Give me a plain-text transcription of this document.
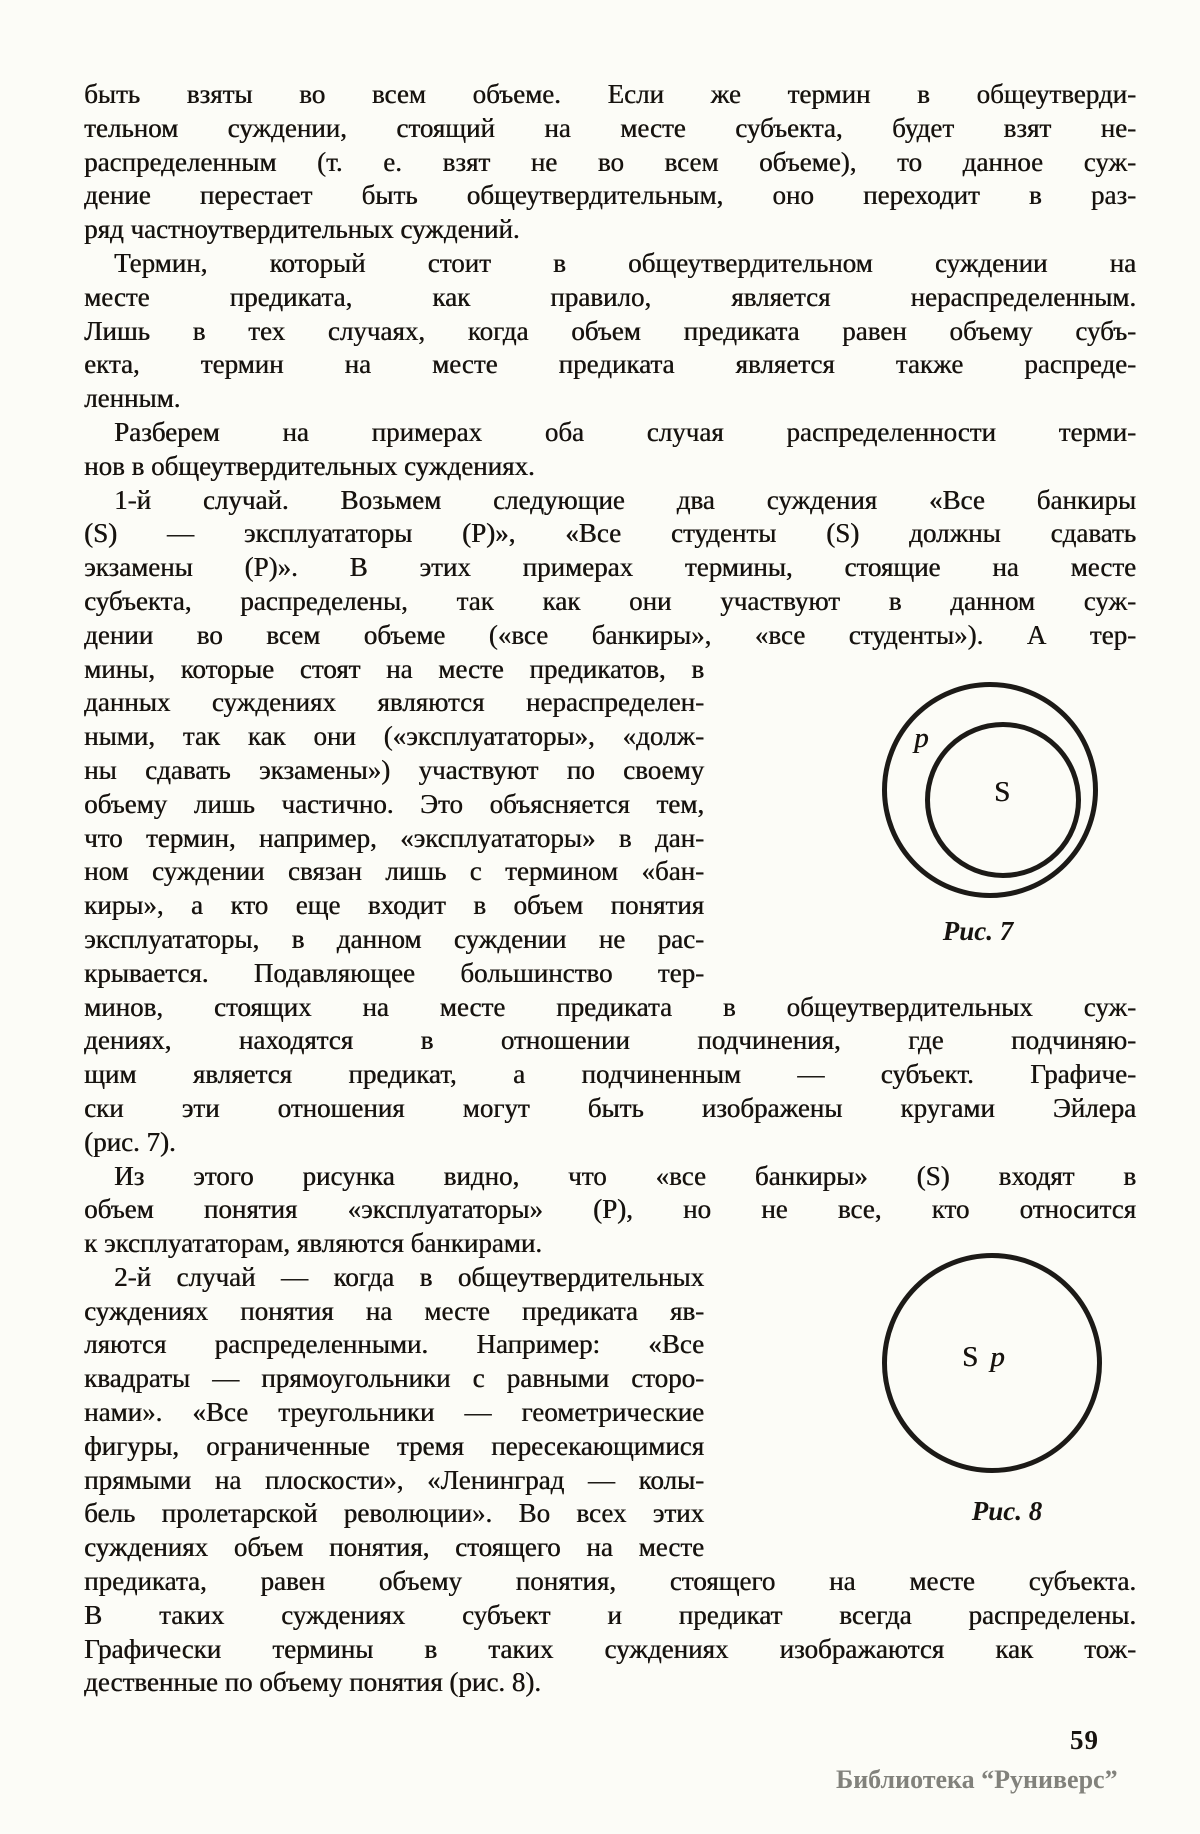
быть взяты во всем объеме. Если же термин в общеутверди-
тельном суждении, стоящий на месте субъекта, будет взят не-
распределенным (т. е. взят не во всем объеме), то данное суж-
дение перестает быть общеутвердительным, оно переходит в раз-
ряд частноутвердительных суждений.
Термин, который стоит в общеутвердительном суждении на
месте предиката, как правило, является нераспределенным.
Лишь в тех случаях, когда объем предиката равен объему субъ-
екта, термин на месте предиката является также распреде-
ленным.
Разберем на примерах оба случая распределенности терми-
нов в общеутвердительных суждениях.
1-й случай. Возьмем следующие два суждения «Все банкиры
(S) — эксплуататоры (P)», «Все студенты (S) должны сдавать
экзамены (P)». В этих примерах термины, стоящие на месте
субъекта, распределены, так как они участвуют в данном суж-
дении во всем объеме («все банкиры», «все студенты»). А тер-
мины, которые стоят на месте предикатов, в
данных суждениях являются нераспределен-
ными, так как они («эксплуататоры», «долж-
ны сдавать экзамены») участвуют по своему
объему лишь частично. Это объясняется тем,
что термин, например, «эксплуататоры» в дан-
ном суждении связан лишь с термином «бан-
киры», а кто еще входит в объем понятия
эксплуататоры, в данном суждении не рас-
крывается. Подавляющее большинство тер-
минов, стоящих на месте предиката в общеутвердительных суж-
дениях, находятся в отношении подчинения, где подчиняю-
щим является предикат, а подчиненным — субъект. Графиче-
ски эти отношения могут быть изображены кругами Эйлера
(рис. 7).
Из этого рисунка видно, что «все банкиры» (S) входят в
объем понятия «эксплуататоры» (P), но не все, кто относится
к эксплуататорам, являются банкирами.
2-й случай — когда в общеутвердительных
суждениях понятия на месте предиката яв-
ляются распределенными. Например: «Все
квадраты — прямоугольники с равными сторо-
нами». «Все треугольники — геометрические
фигуры, ограниченные тремя пересекающимися
прямыми на плоскости», «Ленинград — колы-
бель пролетарской революции». Во всех этих
суждениях объем понятия, стоящего на месте
предиката, равен объему понятия, стоящего на месте субъекта.
В таких суждениях субъект и предикат всегда распределены.
Графически термины в таких суждениях изображаются как тож-
дественные по объему понятия (рис. 8).
p
S
Рис. 7
S p
Рис. 8
59
Библиотека “Руниверс”
